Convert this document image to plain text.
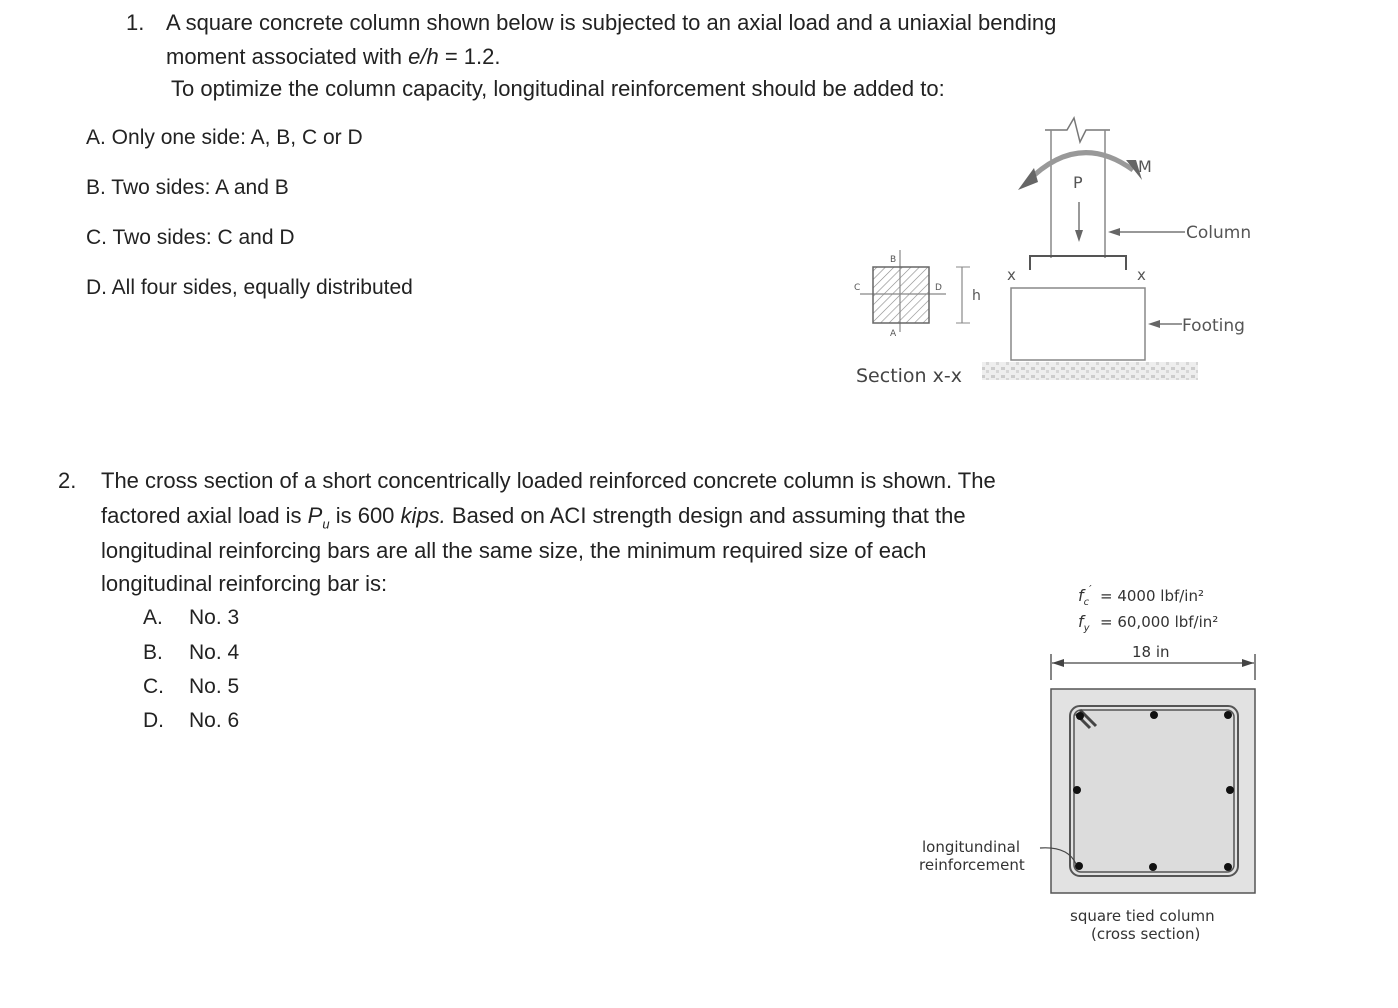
1. A square concrete column shown below is subjected to an axial load and a uniaxial bending
moment associated with e/h = 1.2.
To optimize the column capacity, longitudinal reinforcement should be added to:
A. Only one side: A, B, C or D
B. Two sides: A and B
C. Two sides: C and D
D. All four sides, equally distributed
M
P
Column
x	x
Footing
B
A
C	D h
Section x-x
2. The cross section of a short concentrically loaded reinforced concrete column is shown. The
factored axial load is $P_u$ is 600 kips. Based on ACI strength design and assuming that the
longitudinal reinforcing bars are all the same size, the minimum required size of each
longitudinal reinforcing bar is:
A. No. 3
B. No. 4
C. No. 5
D. No. 6
$f_c' = 4000$ lbf/in²
$f_y = 60,000$ lbf/in²
18 in
longitundinal
reinforcement
square tied column
(cross section)
